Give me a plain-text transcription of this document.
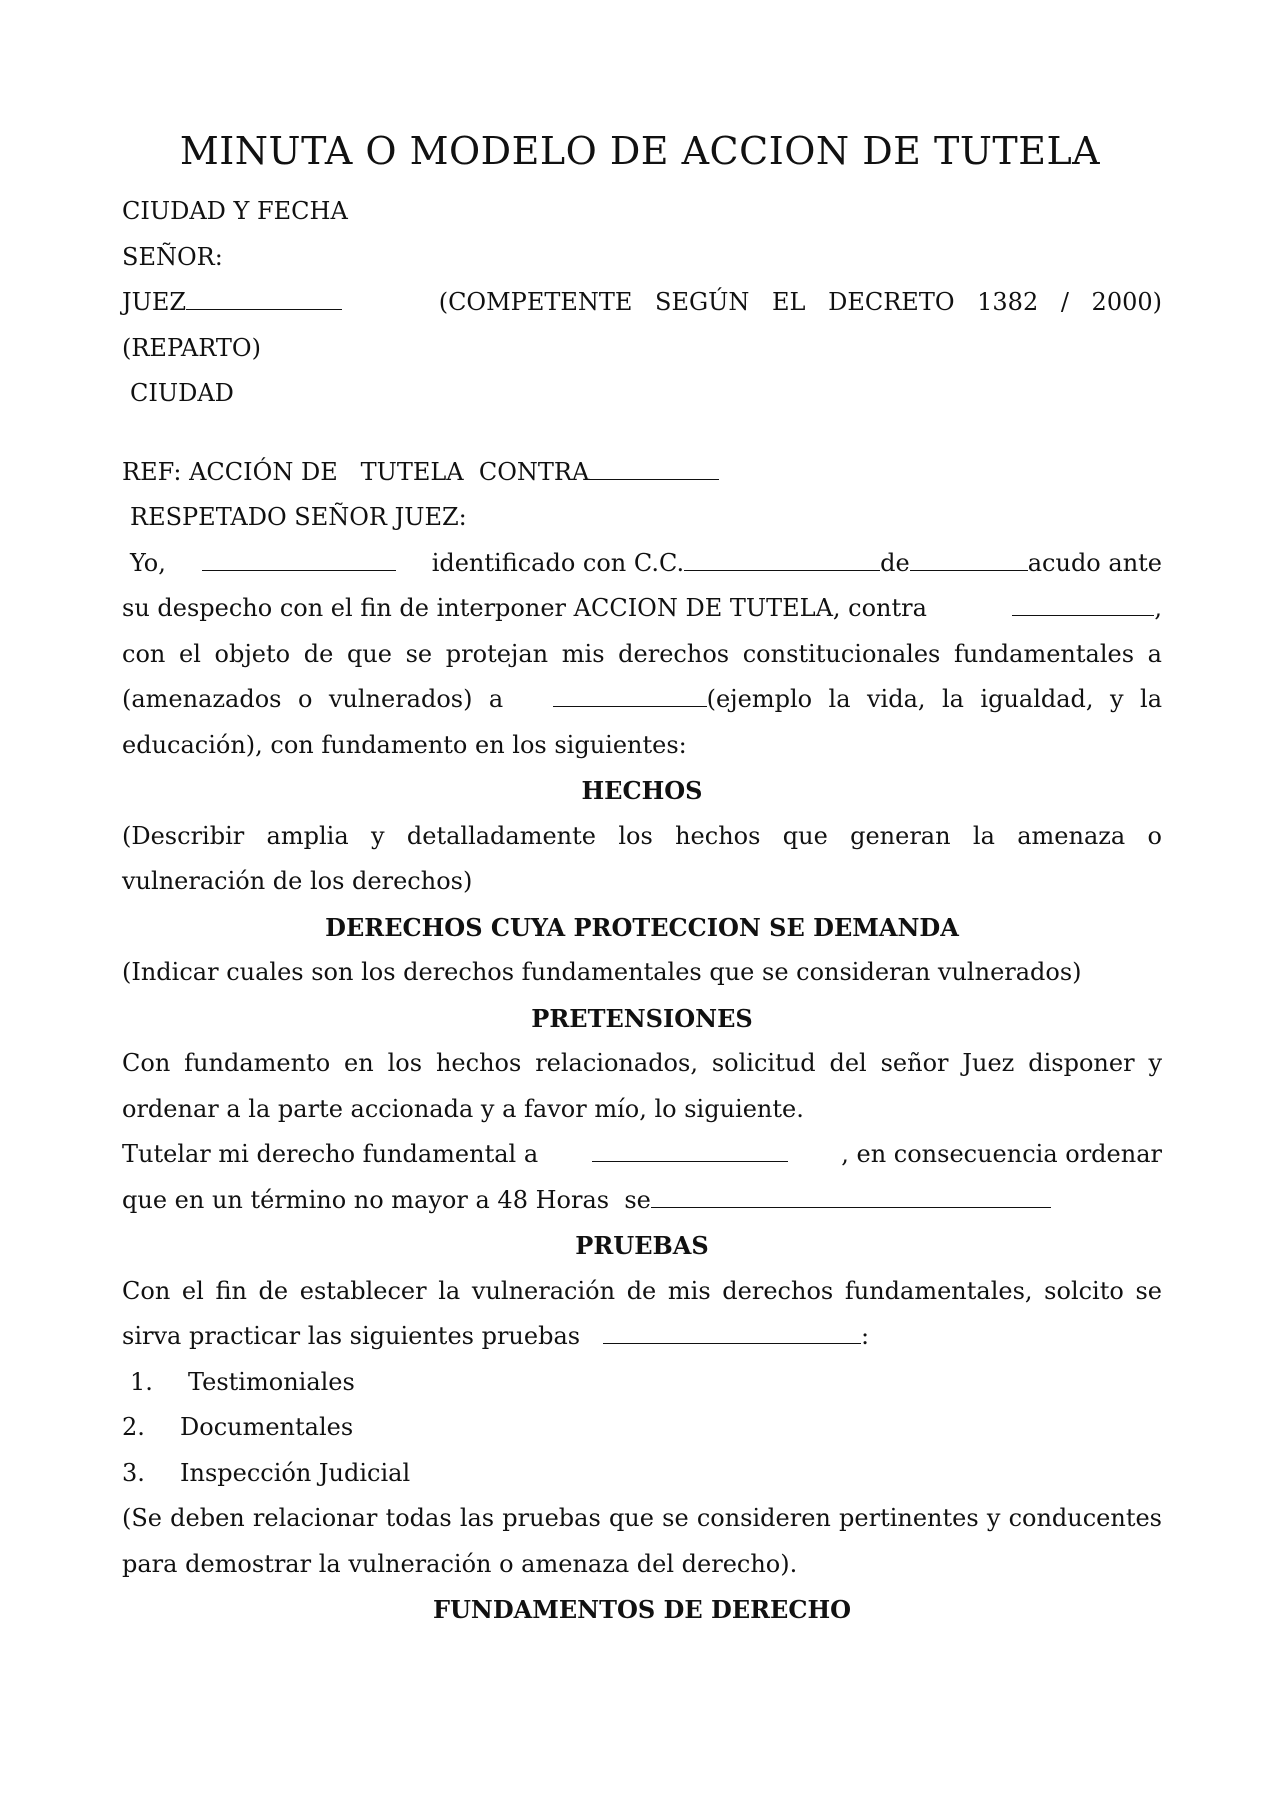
MINUTA O MODELO DE ACCION DE TUTELA

CIUDAD Y FECHA

SEÑOR:

JUEZ	(COMPETENTE SEGÚN EL DECRETO 1382 / 2000)

(REPARTO)

CIUDAD

REF: ACCIÓN DE   TUTELA  CONTRA

RESPETADO SEÑOR JUEZ:

Yo,	identificado con C.C.	de	acudo ante

su despecho con el fin de interponer ACCION DE TUTELA, contra	,

con el objeto de que se protejan mis derechos constitucionales fundamentales a (amenazados o vulnerados) a	(ejemplo la vida, la igualdad, y la educación), con fundamento en los siguientes:

HECHOS

(Describir amplia y detalladamente los hechos que generan la amenaza o vulneración de los derechos)

DERECHOS CUYA PROTECCION SE DEMANDA

(Indicar cuales son los derechos fundamentales que se consideran vulnerados)

PRETENSIONES

Con fundamento en los hechos relacionados, solicitud del señor Juez disponer y ordenar a la parte accionada y a favor mío, lo siguiente.

Tutelar mi derecho fundamental a	, en consecuencia ordenar

que en un término no mayor a 48 Horas  se

PRUEBAS

Con el fin de establecer la vulneración de mis derechos fundamentales, solcito se sirva practicar las siguientes pruebas	:

1.	Testimoniales
2.	Documentales
3.	Inspección Judicial

(Se deben relacionar todas las pruebas que se consideren pertinentes y conducentes para demostrar la vulneración o amenaza del derecho).

FUNDAMENTOS DE DERECHO
